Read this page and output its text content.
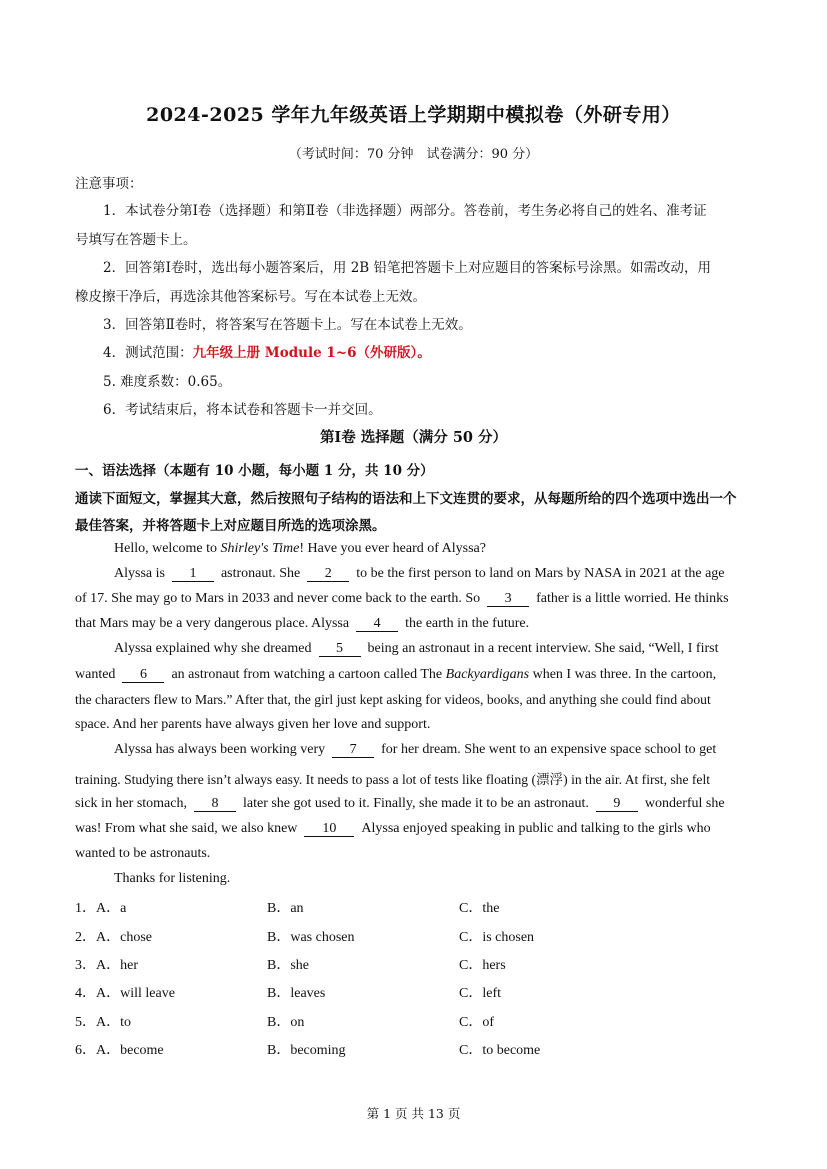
2024-2025 学年九年级英语上学期期中模拟卷（外研专用）
（考试时间：70 分钟　试卷满分：90 分）
注意事项：
1．本试卷分第Ⅰ卷（选择题）和第Ⅱ卷（非选择题）两部分。答卷前，考生务必将自己的姓名、准考证
号填写在答题卡上。
2．回答第Ⅰ卷时，选出每小题答案后，用 2B 铅笔把答题卡上对应题目的答案标号涂黑。如需改动，用
橡皮擦干净后，再选涂其他答案标号。写在本试卷上无效。
3．回答第Ⅱ卷时，将答案写在答题卡上。写在本试卷上无效。
4．测试范围：九年级上册 Module 1~6（外研版）。
5. 难度系数：0.65。
6．考试结束后，将本试卷和答题卡一并交回。
第Ⅰ卷 选择题（满分 50 分）
一、语法选择（本题有 10 小题，每小题 1 分，共 10 分）
通读下面短文，掌握其大意，然后按照句子结构的语法和上下文连贯的要求，从每题所给的四个选项中选出一个
最佳答案，并将答题卡上对应题目所选的选项涂黑。
Hello, welcome to Shirley's Time! Have you ever heard of Alyssa?
Alyssa is 1 astronaut. She 2 to be the first person to land on Mars by NASA in 2021 at the age
of 17. She may go to Mars in 2033 and never come back to the earth. So 3 father is a little worried. He thinks
that Mars may be a very dangerous place. Alyssa 4 the earth in the future.
Alyssa explained why she dreamed 5 being an astronaut in a recent interview. She said, “Well, I first
wanted 6 an astronaut from watching a cartoon called The Backyardigans when I was three. In the cartoon,
the characters flew to Mars.” After that, the girl just kept asking for videos, books, and anything she could find about
space. And her parents have always given her love and support.
Alyssa has always been working very 7 for her dream. She went to an expensive space school to get
training. Studying there isn’t always easy. It needs to pass a lot of tests like floating (漂浮) in the air. At first, she felt
sick in her stomach, 8 later she got used to it. Finally, she made it to be an astronaut. 9 wonderful she
was! From what she said, we also knew 10 Alyssa enjoyed speaking in public and talking to the girls who
wanted to be astronauts.
Thanks for listening.
1．A．a	B．an	C．the
2．A．chose	B．was chosen	C．is chosen
3．A．her	B．she	C．hers
4．A．will leave	B．leaves	C．left
5．A．to	B．on	C．of
6．A．become	B．becoming	C．to become
第 1 页 共 13 页
